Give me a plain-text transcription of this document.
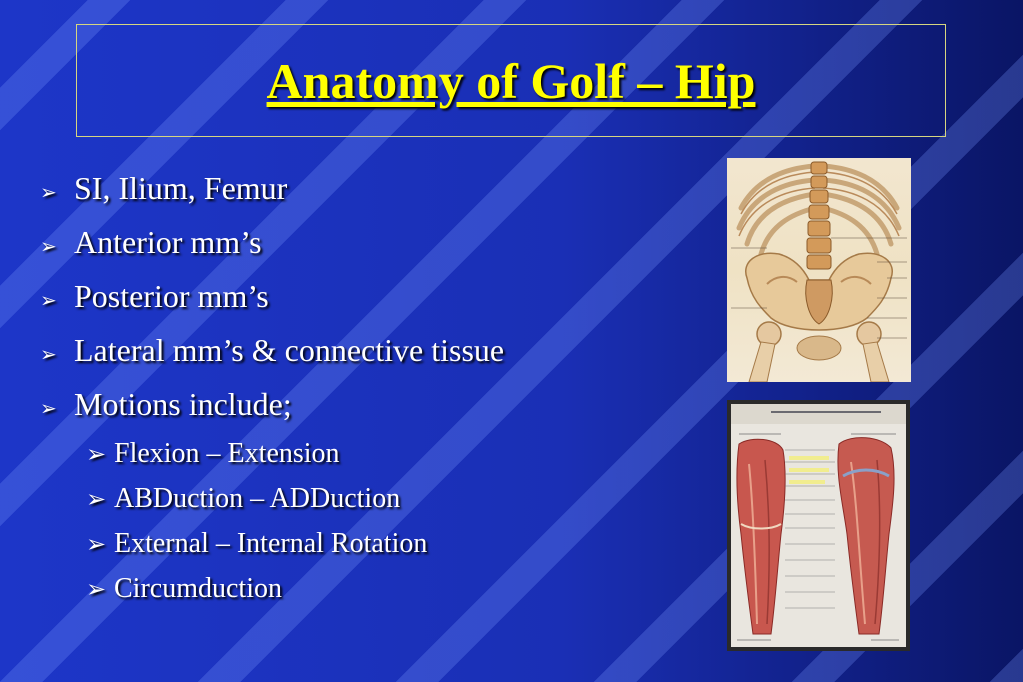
Anatomy of Golf – Hip
➢ SI, Ilium, Femur
➢ Anterior mm’s
➢ Posterior mm’s
➢ Lateral mm’s & connective tissue
➢ Motions include;
➢ Flexion – Extension
➢ ABDuction – ADDuction
➢ External – Internal Rotation
➢ Circumduction
